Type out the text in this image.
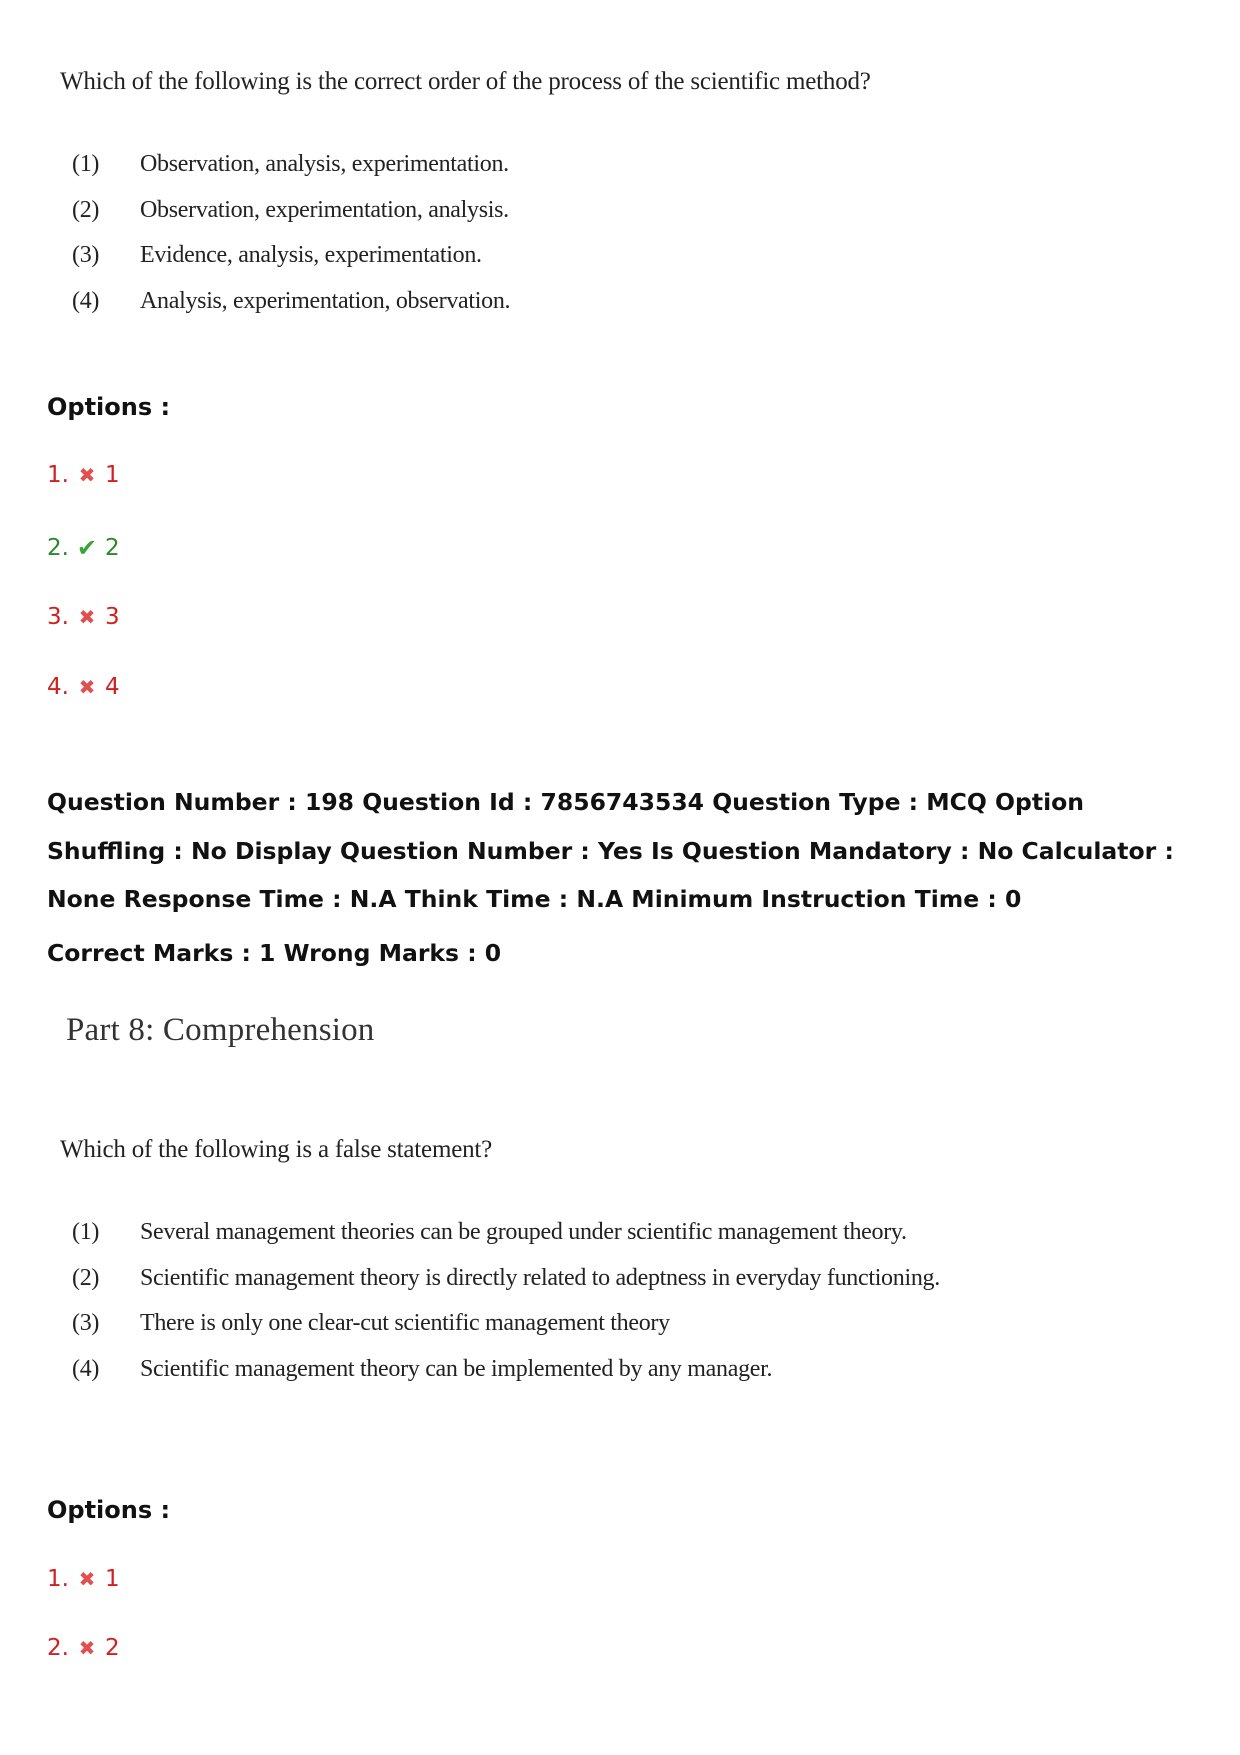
Which of the following is the correct order of the process of the scientific method?

(1)	Observation, analysis, experimentation.
(2)	Observation, experimentation, analysis.
(3)	Evidence, analysis, experimentation.
(4)	Analysis, experimentation, observation.

Options :

1. ✖ 1
2. ✔ 2
3. ✖ 3
4. ✖ 4

Question Number : 198 Question Id : 7856743534 Question Type : MCQ Option Shuffling : No Display Question Number : Yes Is Question Mandatory : No Calculator : None Response Time : N.A Think Time : N.A Minimum Instruction Time : 0

Correct Marks : 1 Wrong Marks : 0

Part 8: Comprehension

Which of the following is a false statement?

(1)	Several management theories can be grouped under scientific management theory.
(2)	Scientific management theory is directly related to adeptness in everyday functioning.
(3)	There is only one clear-cut scientific management theory
(4)	Scientific management theory can be implemented by any manager.

Options :

1. ✖ 1
2. ✖ 2
